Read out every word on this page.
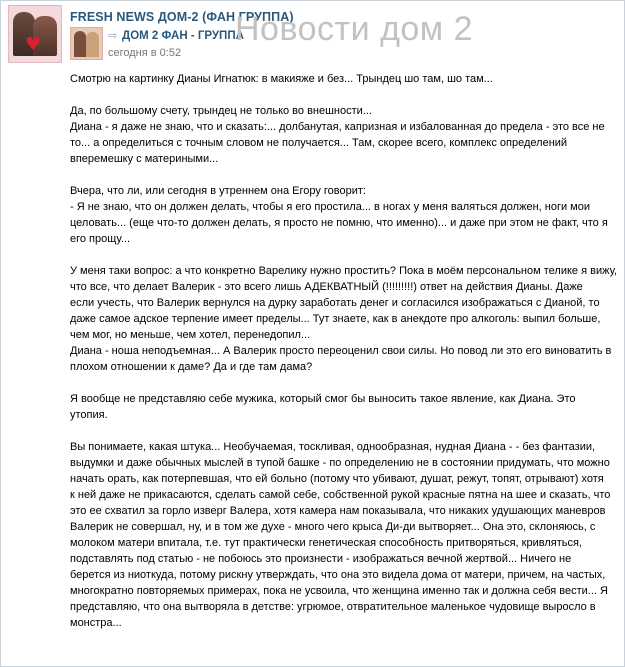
♥
FRESH NEWS ДОМ-2 (ФАН ГРУППА)
⇨ ДОМ 2 ФАН - ГРУППА
сегодня в 0:52
Новости дом 2

Смотрю на картинку Дианы Игнатюк: в макияже и без... Трындец шо там, шо там...

Да, по большому счету, трындец не только во внешности...
Диана - я даже не знаю, что и сказать:... долбанутая, капризная и избалованная до предела - это все не
то... а определиться с точным словом не получается... Там, скорее всего, комплекс определений
вперемешку с материными...

Вчера, что ли, или сегодня в утреннем она Егору говорит:
- Я не знаю, что он должен делать, чтобы я его простила... в ногах у меня валяться должен, ноги мои
целовать... (еще что-то должен делать, я просто не помню, что именно)... и даже при этом не факт, что я
его прощу...

У меня таки вопрос: а что конкретно Варелику нужно простить? Пока в моём персональном телике я вижу,
что все, что делает Валерик - это всего лишь АДЕКВАТНЫЙ (!!!!!!!!!) ответ на действия Дианы. Даже
если учесть, что Валерик вернулся на дурку заработать денег и согласился изображаться с Дианой, то
даже самое адское терпение имеет пределы... Тут знаете, как в анекдоте про алкоголь: выпил больше,
чем мог, но меньше, чем хотел, перенедопил...
Диана - ноша неподъемная... А Валерик просто переоценил свои силы. Но повод ли это его виноватить в
плохом отношении к даме? Да и где там дама?

Я вообще не представляю себе мужика, который смог бы выносить такое явление, как Диана. Это
утопия.

Вы понимаете, какая штука... Необучаемая, тоскливая, однообразная, нудная Диана - - без фантазии,
выдумки и даже обычных мыслей в тупой башке - по определению не в состоянии придумать, что можно
начать орать, как потерпевшая, что ей больно (потому что убивают, душат, режут, топят, отрывают) хотя
к ней даже не прикасаются, сделать самой себе, собственной рукой красные пятна на шее и сказать, что
это ее схватил за горло изверг Валера, хотя камера нам показывала, что никаких удушающих маневров
Валерик не совершал, ну, и в том же духе - много чего крыса Ди-ди вытворяет... Она это, склоняюсь, с
молоком матери впитала, т.е. тут практически генетическая способность притворяться, кривляться,
подставлять под статью - не побоюсь это произнести - изображаться вечной жертвой... Ничего не
берется из ниоткуда, потому рискну утверждать, что она это видела дома от матери, причем, на частых,
многократно повторяемых примерах, пока не усвоила, что женщина именно так и должна себя вести... Я
представляю, что она вытворяла в детстве: угрюмое, отвратительное маленькое чудовище выросло в
монстра...
